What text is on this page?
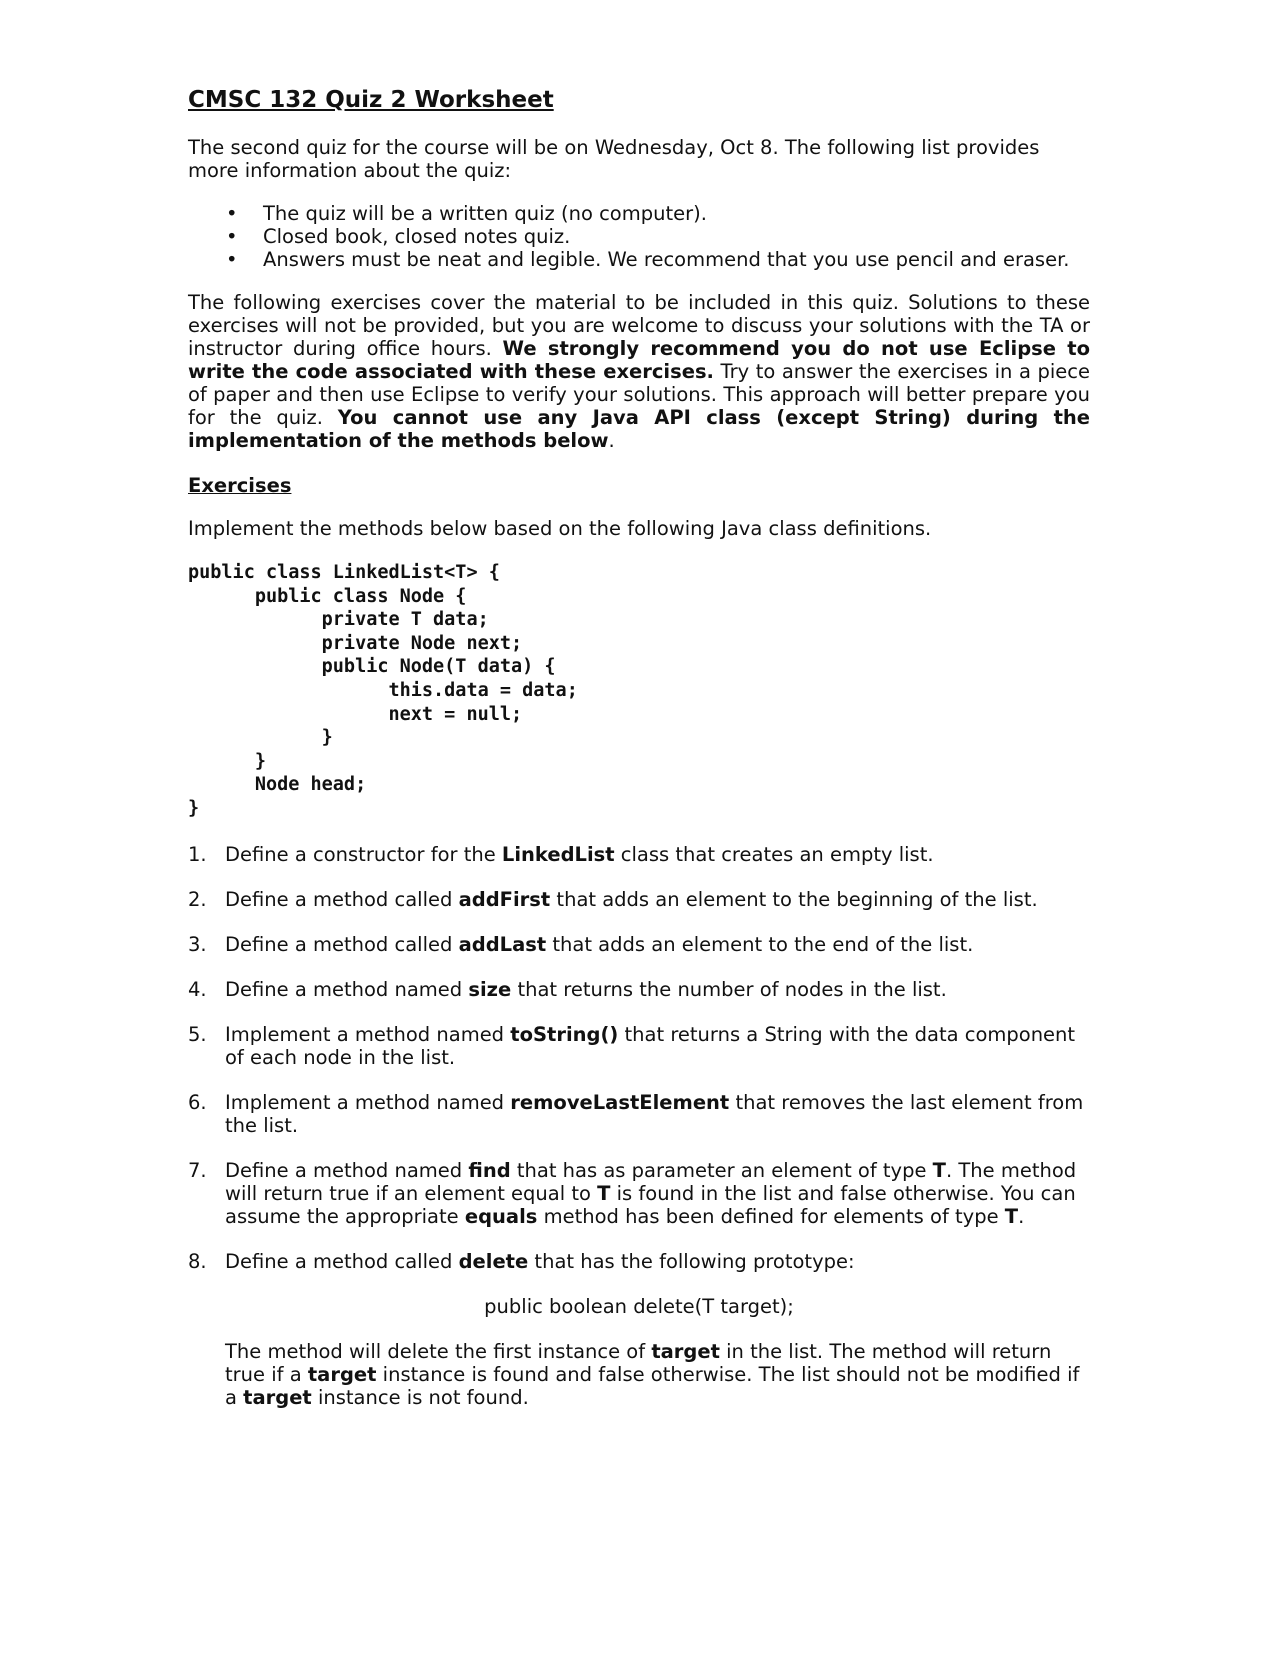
CMSC 132 Quiz 2 Worksheet

The second quiz for the course will be on Wednesday, Oct 8. The following list provides more information about the quiz:

• The quiz will be a written quiz (no computer).
• Closed book, closed notes quiz.
• Answers must be neat and legible. We recommend that you use pencil and eraser.

The following exercises cover the material to be included in this quiz. Solutions to these exercises will not be provided, but you are welcome to discuss your solutions with the TA or instructor during office hours. We strongly recommend you do not use Eclipse to write the code associated with these exercises. Try to answer the exercises in a piece of paper and then use Eclipse to verify your solutions. This approach will better prepare you for the quiz. You cannot use any Java API class (except String) during the implementation of the methods below.

Exercises

Implement the methods below based on the following Java class definitions.

public class LinkedList<T> {
public class Node {
private T data;
private Node next;
public Node(T data) {
this.data = data;
next = null;
}
}
Node head;
}
1. Define a constructor for the LinkedList class that creates an empty list.
2. Define a method called addFirst that adds an element to the beginning of the list.
3. Define a method called addLast that adds an element to the end of the list.
4. Define a method named size that returns the number of nodes in the list.
5. Implement a method named toString() that returns a String with the data component of each node in the list.
6. Implement a method named removeLastElement that removes the last element from the list.
7. Define a method named find that has as parameter an element of type T. The method will return true if an element equal to T is found in the list and false otherwise. You can assume the appropriate equals method has been defined for elements of type T.
8. Define a method called delete that has the following prototype:
public boolean delete(T target);
The method will delete the first instance of target in the list. The method will return true if a target instance is found and false otherwise. The list should not be modified if a target instance is not found.
